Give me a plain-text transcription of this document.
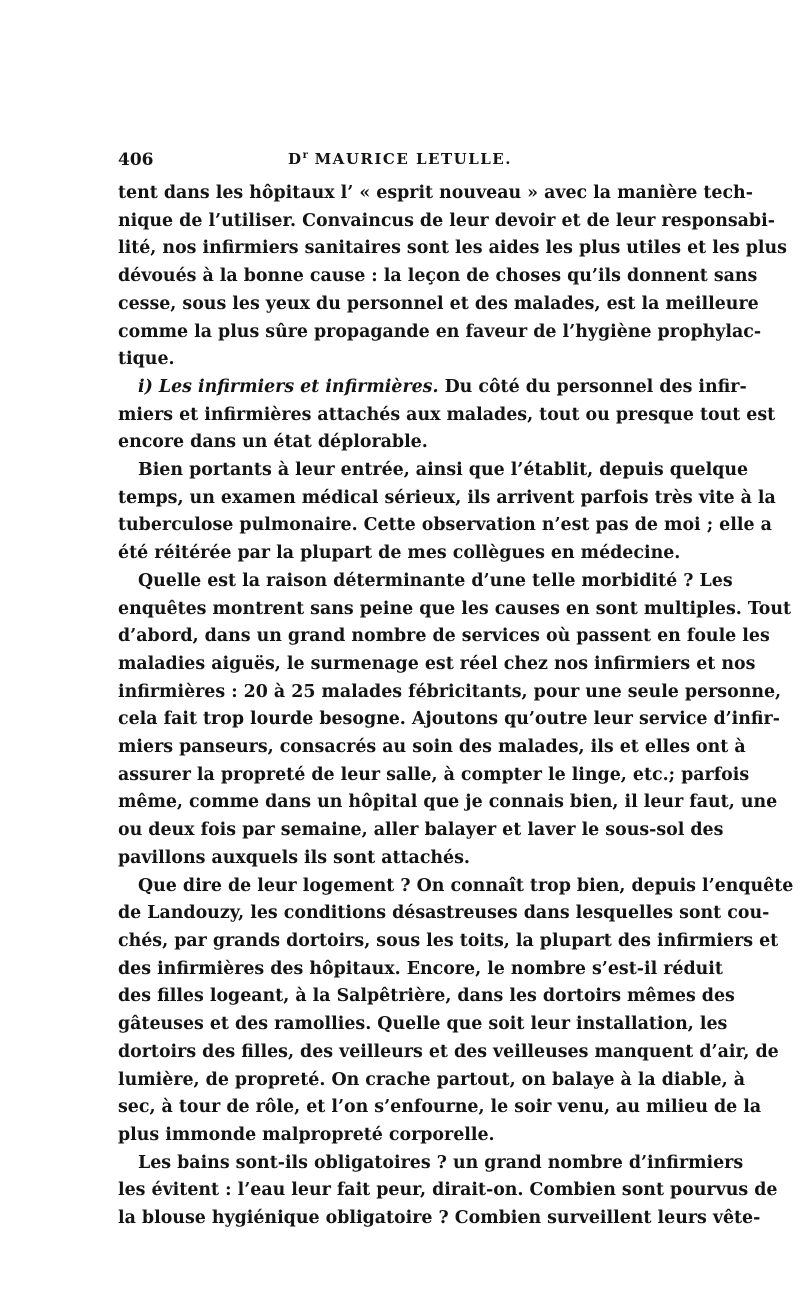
406	$D^r$ MAURICE LETULLE.

tent dans les hôpitaux l’ « esprit nouveau » avec la manière tech-
nique de l’utiliser. Convaincus de leur devoir et de leur responsabi-
lité, nos infirmiers sanitaires sont les aides les plus utiles et les plus
dévoués à la bonne cause : la leçon de choses qu’ils donnent sans
cesse, sous les yeux du personnel et des malades, est la meilleure
comme la plus sûre propagande en faveur de l’hygiène prophylac-
tique.

i) Les infirmiers et infirmières. Du côté du personnel des infir-
miers et infirmières attachés aux malades, tout ou presque tout est
encore dans un état déplorable.

Bien portants à leur entrée, ainsi que l’établit, depuis quelque
temps, un examen médical sérieux, ils arrivent parfois très vite à la
tuberculose pulmonaire. Cette observation n’est pas de moi ; elle a
été réitérée par la plupart de mes collègues en médecine.

Quelle est la raison déterminante d’une telle morbidité ? Les
enquêtes montrent sans peine que les causes en sont multiples. Tout
d’abord, dans un grand nombre de services où passent en foule les
maladies aiguës, le surmenage est réel chez nos infirmiers et nos
infirmières : 20 à 25 malades fébricitants, pour une seule personne,
cela fait trop lourde besogne. Ajoutons qu’outre leur service d’infir-
miers panseurs, consacrés au soin des malades, ils et elles ont à
assurer la propreté de leur salle, à compter le linge, etc.; parfois
même, comme dans un hôpital que je connais bien, il leur faut, une
ou deux fois par semaine, aller balayer et laver le sous-sol des
pavillons auxquels ils sont attachés.

Que dire de leur logement ? On connaît trop bien, depuis l’enquête
de Landouzy, les conditions désastreuses dans lesquelles sont cou-
chés, par grands dortoirs, sous les toits, la plupart des infirmiers et
des infirmières des hôpitaux. Encore, le nombre s’est-il réduit
des filles logeant, à la Salpêtrière, dans les dortoirs mêmes des
gâteuses et des ramollies. Quelle que soit leur installation, les
dortoirs des filles, des veilleurs et des veilleuses manquent d’air, de
lumière, de propreté. On crache partout, on balaye à la diable, à
sec, à tour de rôle, et l’on s’enfourne, le soir venu, au milieu de la
plus immonde malpropreté corporelle.

Les bains sont-ils obligatoires ? un grand nombre d’infirmiers
les évitent : l’eau leur fait peur, dirait-on. Combien sont pourvus de
la blouse hygiénique obligatoire ? Combien surveillent leurs vête-
